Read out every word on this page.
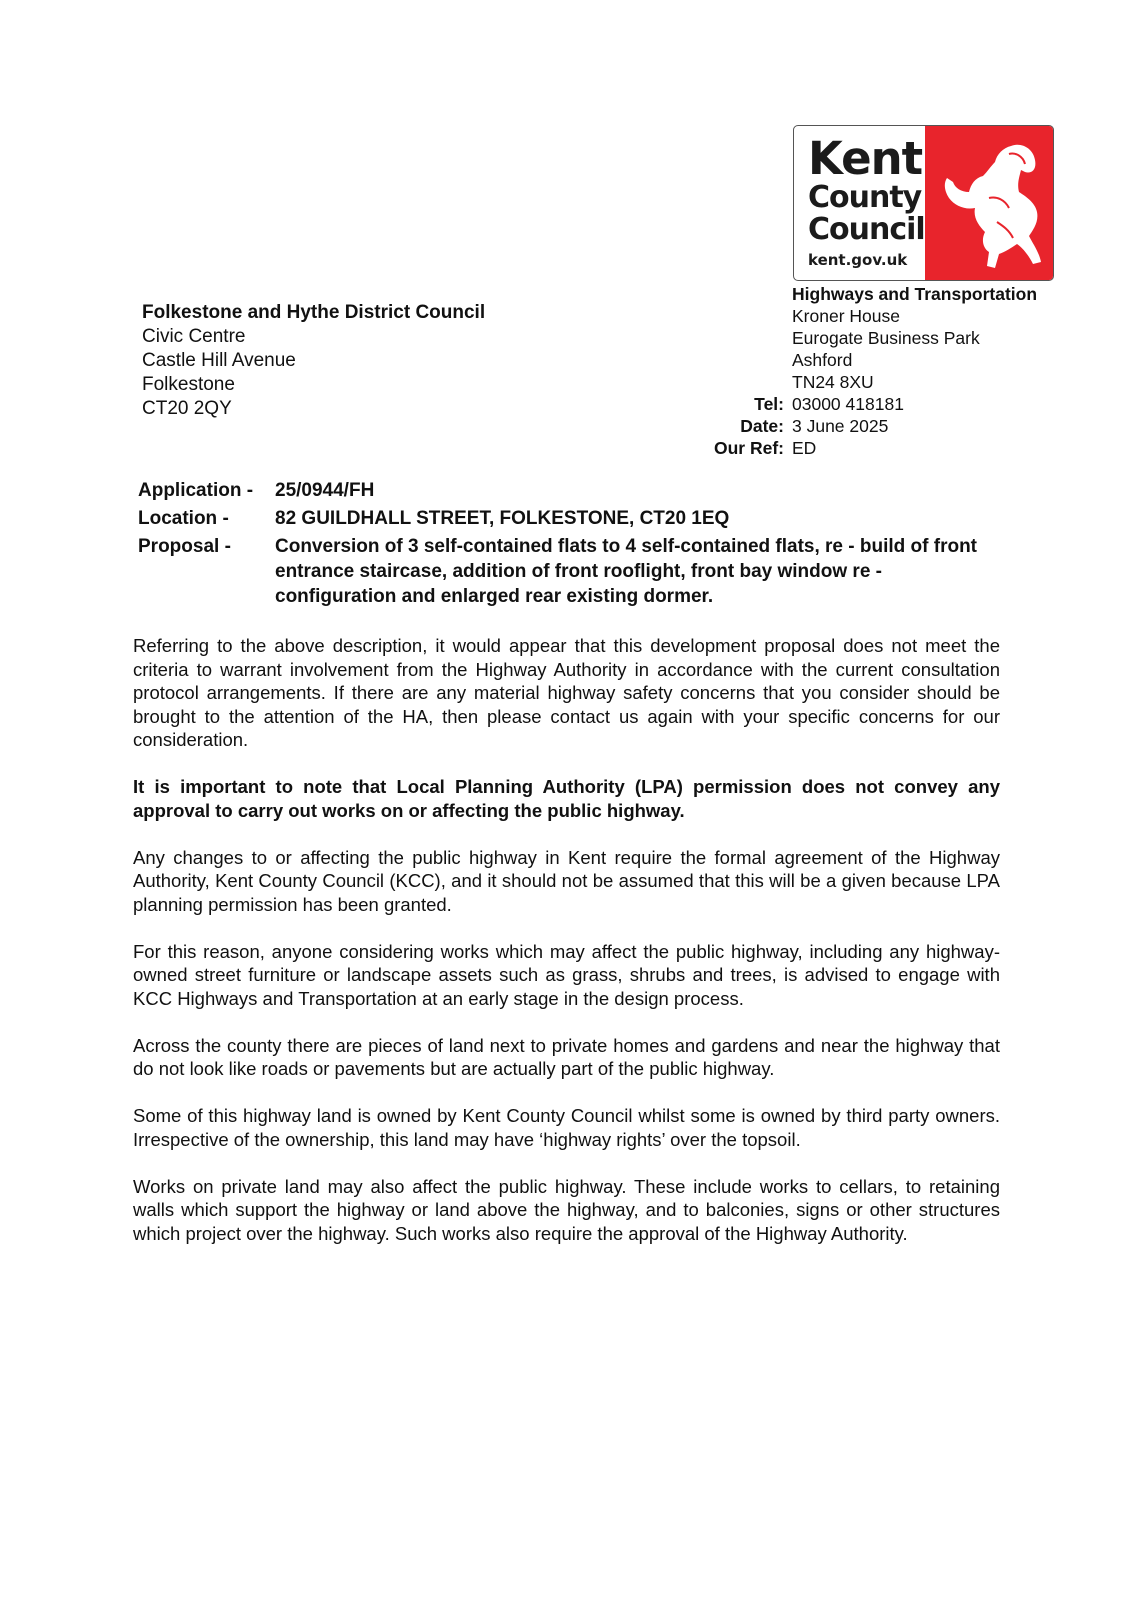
Kent
County
Council
kent.gov.uk
Folkestone and Hythe District Council
Civic Centre
Castle Hill Avenue
Folkestone
CT20 2QY
Highways and Transportation
Kroner House
Eurogate Business Park
Ashford
TN24 8XU
Tel: 03000 418181
Date: 3 June 2025
Our Ref: ED
Application -	25/0944/FH
Location -	82 GUILDHALL STREET, FOLKESTONE, CT20 1EQ
Proposal -	Conversion of 3 self-contained flats to 4 self-contained flats, re - build of front entrance staircase, addition of front rooflight, front bay window re -configuration and enlarged rear existing dormer.

Referring to the above description, it would appear that this development proposal does not meet the criteria to warrant involvement from the Highway Authority in accordance with the current consultation protocol arrangements. If there are any material highway safety concerns that you consider should be brought to the attention of the HA, then please contact us again with your specific concerns for our consideration.

It is important to note that Local Planning Authority (LPA) permission does not convey any approval to carry out works on or affecting the public highway.

Any changes to or affecting the public highway in Kent require the formal agreement of the Highway Authority, Kent County Council (KCC), and it should not be assumed that this will be a given because LPA planning permission has been granted.

For this reason, anyone considering works which may affect the public highway, including any highway-owned street furniture or landscape assets such as grass, shrubs and trees, is advised to engage with KCC Highways and Transportation at an early stage in the design process.

Across the county there are pieces of land next to private homes and gardens and near the highway that do not look like roads or pavements but are actually part of the public highway.

Some of this highway land is owned by Kent County Council whilst some is owned by third party owners. Irrespective of the ownership, this land may have ‘highway rights’ over the topsoil.

Works on private land may also affect the public highway. These include works to cellars, to retaining walls which support the highway or land above the highway, and to balconies, signs or other structures which project over the highway. Such works also require the approval of the Highway Authority.
